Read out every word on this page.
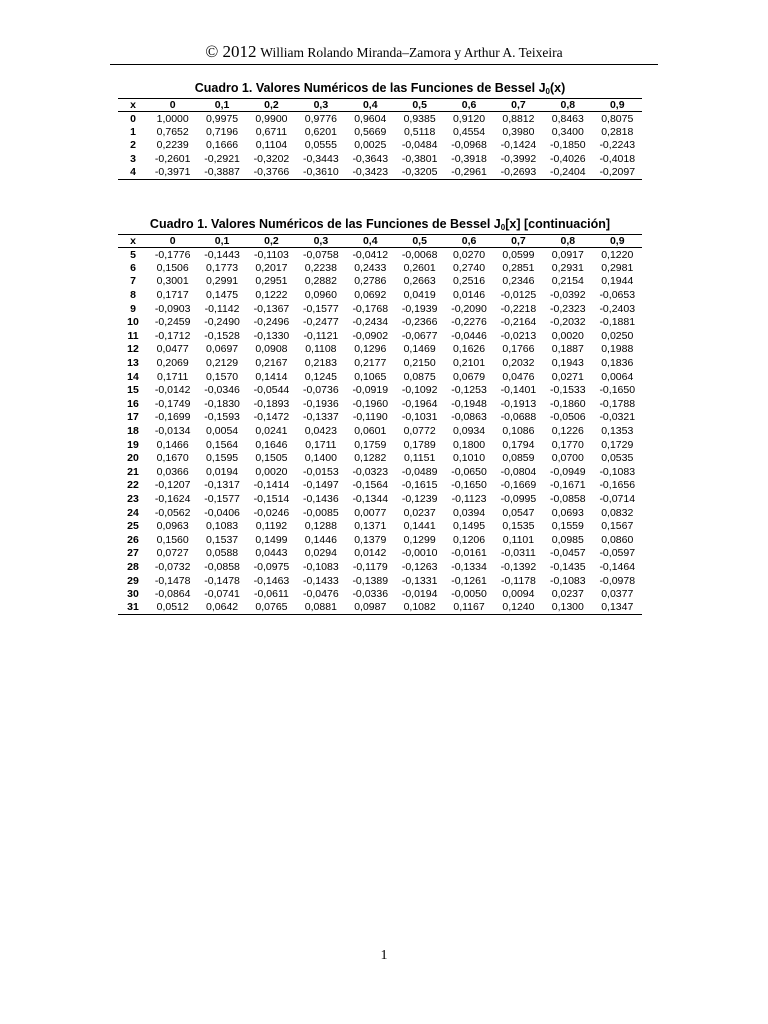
© 2012 William Rolando Miranda–Zamora y Arthur A. Teixeira
Cuadro 1. Valores Numéricos de las Funciones de Bessel $J_0(x)$
x	0	0,1	0,2	0,3	0,4	0,5	0,6	0,7	0,8	0,9
0	1,0000	0,9975	0,9900	0,9776	0,9604	0,9385	0,9120	0,8812	0,8463	0,8075
1	0,7652	0,7196	0,6711	0,6201	0,5669	0,5118	0,4554	0,3980	0,3400	0,2818
2	0,2239	0,1666	0,1104	0,0555	0,0025	-0,0484	-0,0968	-0,1424	-0,1850	-0,2243
3	-0,2601	-0,2921	-0,3202	-0,3443	-0,3643	-0,3801	-0,3918	-0,3992	-0,4026	-0,4018
4	-0,3971	-0,3887	-0,3766	-0,3610	-0,3423	-0,3205	-0,2961	-0,2693	-0,2404	-0,2097
Cuadro 1. Valores Numéricos de las Funciones de Bessel $J_0[x]$ [continuación]
x	0	0,1	0,2	0,3	0,4	0,5	0,6	0,7	0,8	0,9
5	-0,1776	-0,1443	-0,1103	-0,0758	-0,0412	-0,0068	0,0270	0,0599	0,0917	0,1220
6	0,1506	0,1773	0,2017	0,2238	0,2433	0,2601	0,2740	0,2851	0,2931	0,2981
7	0,3001	0,2991	0,2951	0,2882	0,2786	0,2663	0,2516	0,2346	0,2154	0,1944
8	0,1717	0,1475	0,1222	0,0960	0,0692	0,0419	0,0146	-0,0125	-0,0392	-0,0653
9	-0,0903	-0,1142	-0,1367	-0,1577	-0,1768	-0,1939	-0,2090	-0,2218	-0,2323	-0,2403
10	-0,2459	-0,2490	-0,2496	-0,2477	-0,2434	-0,2366	-0,2276	-0,2164	-0,2032	-0,1881
11	-0,1712	-0,1528	-0,1330	-0,1121	-0,0902	-0,0677	-0,0446	-0,0213	0,0020	0,0250
12	0,0477	0,0697	0,0908	0,1108	0,1296	0,1469	0,1626	0,1766	0,1887	0,1988
13	0,2069	0,2129	0,2167	0,2183	0,2177	0,2150	0,2101	0,2032	0,1943	0,1836
14	0,1711	0,1570	0,1414	0,1245	0,1065	0,0875	0,0679	0,0476	0,0271	0,0064
15	-0,0142	-0,0346	-0,0544	-0,0736	-0,0919	-0,1092	-0,1253	-0,1401	-0,1533	-0,1650
16	-0,1749	-0,1830	-0,1893	-0,1936	-0,1960	-0,1964	-0,1948	-0,1913	-0,1860	-0,1788
17	-0,1699	-0,1593	-0,1472	-0,1337	-0,1190	-0,1031	-0,0863	-0,0688	-0,0506	-0,0321
18	-0,0134	0,0054	0,0241	0,0423	0,0601	0,0772	0,0934	0,1086	0,1226	0,1353
19	0,1466	0,1564	0,1646	0,1711	0,1759	0,1789	0,1800	0,1794	0,1770	0,1729
20	0,1670	0,1595	0,1505	0,1400	0,1282	0,1151	0,1010	0,0859	0,0700	0,0535
21	0,0366	0,0194	0,0020	-0,0153	-0,0323	-0,0489	-0,0650	-0,0804	-0,0949	-0,1083
22	-0,1207	-0,1317	-0,1414	-0,1497	-0,1564	-0,1615	-0,1650	-0,1669	-0,1671	-0,1656
23	-0,1624	-0,1577	-0,1514	-0,1436	-0,1344	-0,1239	-0,1123	-0,0995	-0,0858	-0,0714
24	-0,0562	-0,0406	-0,0246	-0,0085	0,0077	0,0237	0,0394	0,0547	0,0693	0,0832
25	0,0963	0,1083	0,1192	0,1288	0,1371	0,1441	0,1495	0,1535	0,1559	0,1567
26	0,1560	0,1537	0,1499	0,1446	0,1379	0,1299	0,1206	0,1101	0,0985	0,0860
27	0,0727	0,0588	0,0443	0,0294	0,0142	-0,0010	-0,0161	-0,0311	-0,0457	-0,0597
28	-0,0732	-0,0858	-0,0975	-0,1083	-0,1179	-0,1263	-0,1334	-0,1392	-0,1435	-0,1464
29	-0,1478	-0,1478	-0,1463	-0,1433	-0,1389	-0,1331	-0,1261	-0,1178	-0,1083	-0,0978
30	-0,0864	-0,0741	-0,0611	-0,0476	-0,0336	-0,0194	-0,0050	0,0094	0,0237	0,0377
31	0,0512	0,0642	0,0765	0,0881	0,0987	0,1082	0,1167	0,1240	0,1300	0,1347
1
